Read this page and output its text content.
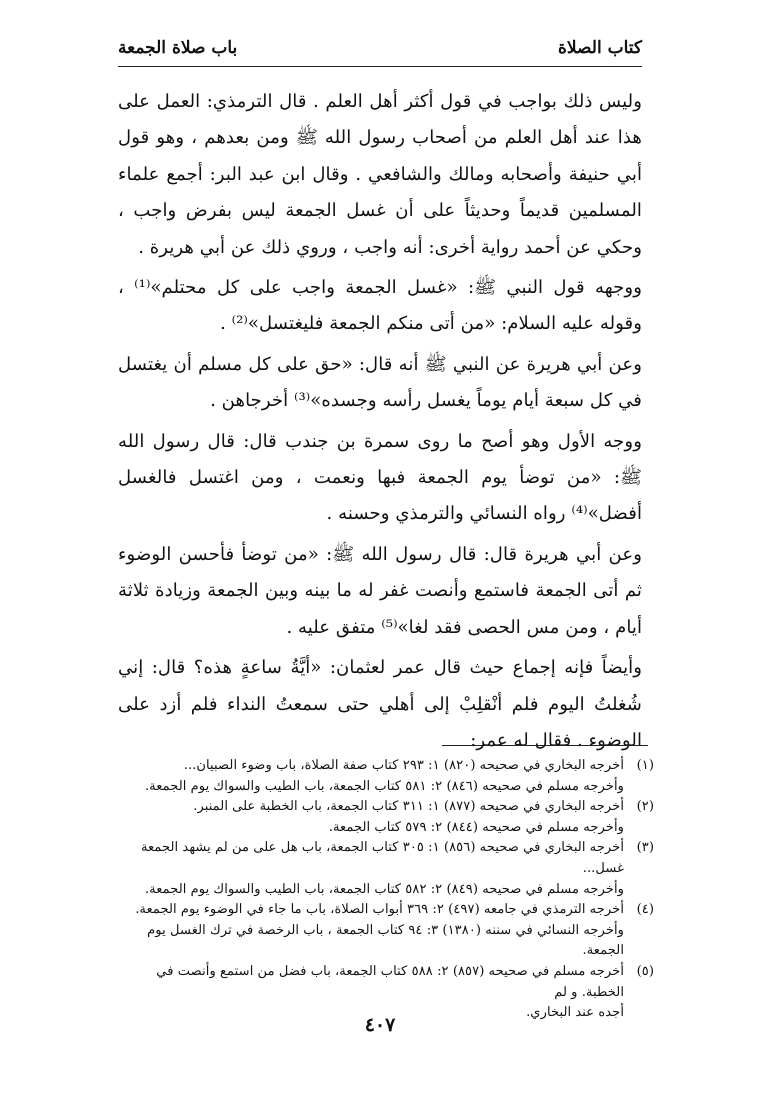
كتاب الصلاة
باب صلاة الجمعة

وليس ذلك بواجب في قول أكثر أهل العلم . قال الترمذي: العمل على هذا عند أهل العلم من أصحاب رسول الله ﷺ ومن بعدهم ، وهو قول أبي حنيفة وأصحابه ومالك والشافعي . وقال ابن عبد البر: أجمع علماء المسلمين قديماً وحديثاً على أن غسل الجمعة ليس بفرض واجب ، وحكي عن أحمد رواية أخرى: أنه واجب ، وروي ذلك عن أبي هريرة .

ووجهه قول النبي ﷺ: «غسل الجمعة واجب على كل محتلم»⁽¹⁾ ، وقوله عليه السلام: «من أتى منكم الجمعة فليغتسل»⁽²⁾ .

وعن أبي هريرة عن النبي ﷺ أنه قال: «حق على كل مسلم أن يغتسل في كل سبعة أيام يوماً يغسل رأسه وجسده»⁽³⁾ أخرجاهن .

ووجه الأول وهو أصح ما روى سمرة بن جندب قال: قال رسول الله ﷺ: «من توضأ يوم الجمعة فبها ونعمت ، ومن اغتسل فالغسل أفضل»⁽⁴⁾ رواه النسائي والترمذي وحسنه .

وعن أبي هريرة قال: قال رسول الله ﷺ: «من توضأ فأحسن الوضوء ثم أتى الجمعة فاستمع وأنصت غفر له ما بينه وبين الجمعة وزيادة ثلاثة أيام ، ومن مس الحصى فقد لغا»⁽⁵⁾ متفق عليه .

وأيضاً فإنه إجماع حيث قال عمر لعثمان: «أيَّةُ ساعةٍ هذه؟ قال: إني شُغلتُ اليوم فلم أنْقلِبْ إلى أهلي حتى سمعتُ النداء فلم أزد على الوضوء . فقال له عمر:

(١)
أخرجه البخاري في صحيحه (٨٢٠) ١: ٢٩٣ كتاب صفة الصلاة، باب وضوء الصبيان...
وأخرجه مسلم في صحيحه (٨٤٦) ٢: ٥٨١ كتاب الجمعة، باب الطيب والسواك يوم الجمعة.
(٢)
أخرجه البخاري في صحيحه (٨٧٧) ١: ٣١١ كتاب الجمعة، باب الخطبة على المنبر.
وأخرجه مسلم في صحيحه (٨٤٤) ٢: ٥٧٩ كتاب الجمعة.
(٣)
أخرجه البخاري في صحيحه (٨٥٦) ١: ٣٠٥ كتاب الجمعة، باب هل على من لم يشهد الجمعة غسل...
وأخرجه مسلم في صحيحه (٨٤٩) ٢: ٥٨٢ كتاب الجمعة، باب الطيب والسواك يوم الجمعة.
(٤)
أخرجه الترمذي في جامعه (٤٩٧) ٢: ٣٦٩ أبواب الصلاة، باب ما جاء في الوضوء يوم الجمعة.
وأخرجه النسائي في سننه (١٣٨٠) ٣: ٩٤ كتاب الجمعة ، باب الرخصة في ترك الغسل يوم الجمعة.
(٥)
أخرجه مسلم في صحيحه (٨٥٧) ٢: ٥٨٨ كتاب الجمعة، باب فضل من استمع وأنصت في الخطبة. و لم
أجده عند البخاري.
٤٠٧
